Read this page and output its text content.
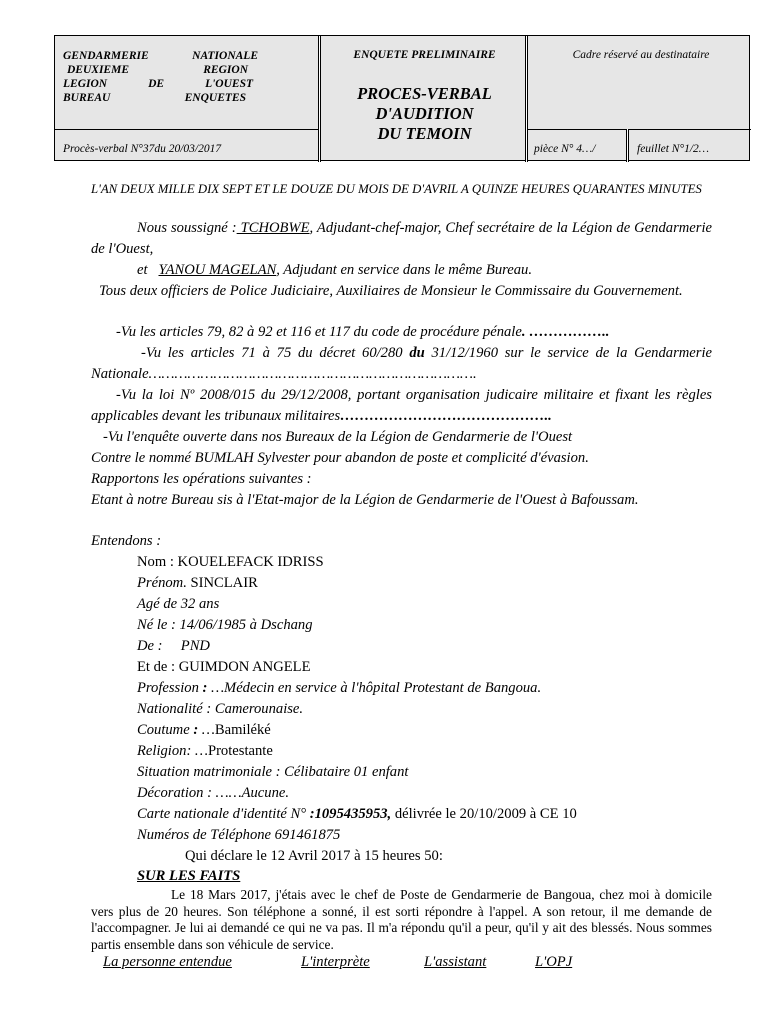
GENDARMERIE	NATIONALE
DEUXIEME	REGION
LEGION	DE	L'OUEST
BUREAU	ENQUETES
Procès-verbal N°37du 20/03/2017
ENQUETE PRELIMINAIRE
PROCES-VERBAL
D'AUDITION
DU TEMOIN
Cadre réservé au destinataire
pièce N° 4…/	feuillet N°1/2…

L'AN DEUX MILLE DIX SEPT ET LE DOUZE DU MOIS DE D'AVRIL A QUINZE HEURES QUARANTES MINUTES

Nous soussigné : TCHOBWE, Adjudant-chef-major, Chef secrétaire de la Légion de Gendarmerie de l'Ouest,

et YANOU MAGELAN, Adjudant en service dans le même Bureau.

Tous deux officiers de Police Judiciaire, Auxiliaires de Monsieur le Commissaire du Gouvernement.

-Vu les articles 79, 82 à 92 et 116 et 117 du code de procédure pénale. ……………..

-Vu les articles 71 à 75 du décret 60/280 du 31/12/1960 sur le service de la Gendarmerie Nationale………………………………………………………………….

-Vu la loi Nº 2008/015 du 29/12/2008, portant organisation judicaire militaire et fixant les règles applicables devant les tribunaux militaires……………………………………..

-Vu l'enquête ouverte dans nos Bureaux de la Légion de Gendarmerie de l'Ouest

Contre le nommé BUMLAH Sylvester pour abandon de poste et complicité d'évasion.

Rapportons les opérations suivantes :

Etant à notre Bureau sis à l'Etat-major de la Légion de Gendarmerie de l'Ouest à Bafoussam.

Entendons :

Nom : KOUELEFACK IDRISS

Prénom. SINCLAIR

Agé de 32 ans

Né le : 14/06/1985 à Dschang

De : PND

Et de : GUIMDON ANGELE

Profession : …Médecin en service à l'hôpital Protestant de Bangoua.

Nationalité : Camerounaise.

Coutume : …Bamiléké

Religion: …Protestante

Situation matrimoniale : Célibataire 01 enfant

Décoration : ……Aucune.

Carte nationale d'identité N° :1095435953, délivrée le 20/10/2009 à CE 10

Numéros de Téléphone 691461875

Qui déclare le 12 Avril 2017 à 15 heures 50:

SUR LES FAITS

Le 18 Mars 2017, j'étais avec le chef de Poste de Gendarmerie de Bangoua, chez moi à domicile vers plus de 20 heures. Son téléphone a sonné, il est sorti répondre à l'appel. A son retour, il me demande de l'accompagner. Je lui ai demandé ce qui ne va pas. Il m'a répondu qu'il a peur, qu'il y ait des blessés. Nous sommes partis ensemble dans son véhicule de service.
La personne entendue	L'interprète	L'assistant	L'OPJ
